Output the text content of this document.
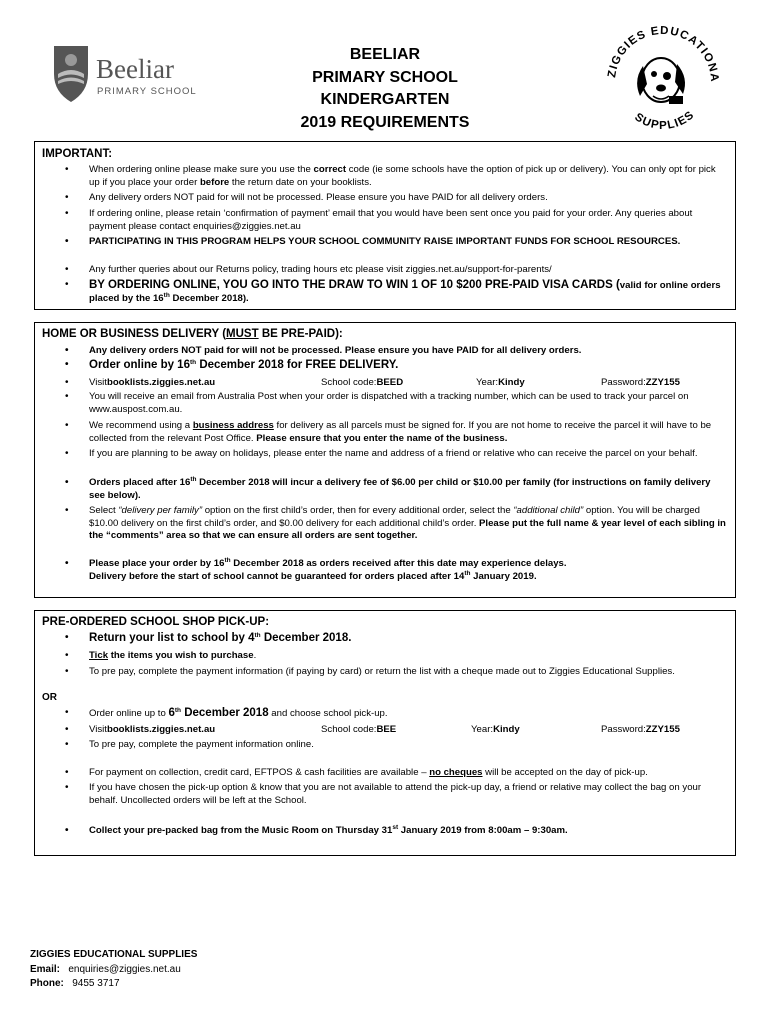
Beeliar
PRIMARY SCHOOL
ZIGGIES EDUCATIONA
SUPPLIES
BEELIAR
PRIMARY SCHOOL
KINDERGARTEN
2019 REQUIREMENTS
IMPORTANT:
• When ordering online please make sure you use the correct code (ie some schools have the option of pick up or delivery). You can only opt for pick up if you place your order before the return date on your booklists.
• Any delivery orders NOT paid for will not be processed. Please ensure you have PAID for all delivery orders.
• If ordering online, please retain ‘confirmation of payment’ email that you would have been sent once you paid for your order. Any queries about payment please contact enquiries@ziggies.net.au
• PARTICIPATING IN THIS PROGRAM HELPS YOUR SCHOOL COMMUNITY RAISE IMPORTANT FUNDS FOR SCHOOL RESOURCES.
• Any further queries about our Returns policy, trading hours etc please visit ziggies.net.au/support-for-parents/
• BY ORDERING ONLINE, YOU GO INTO THE DRAW TO WIN 1 OF 10 $200 PRE-PAID VISA CARDS (valid for online orders placed by the 16th December 2018).
HOME OR BUSINESS DELIVERY (MUST BE PRE-PAID):
• Any delivery orders NOT paid for will not be processed. Please ensure you have PAID for all delivery orders.
• Order online by 16th December 2018 for FREE DELIVERY.
• Visitbooklists.ziggies.net.au	School code:BEED	Year:Kindy	Password:ZZY155
• You will receive an email from Australia Post when your order is dispatched with a tracking number, which can be used to track your parcel on www.auspost.com.au.
• We recommend using a business address for delivery as all parcels must be signed for. If you are not home to receive the parcel it will have to be collected from the relevant Post Office. Please ensure that you enter the name of the business.
• If you are planning to be away on holidays, please enter the name and address of a friend or relative who can receive the parcel on your behalf.
• Orders placed after 16th December 2018 will incur a delivery fee of $6.00 per child or $10.00 per family (for instructions on family delivery see below).
• Select “delivery per family” option on the first child’s order, then for every additional order, select the “additional child” option. You will be charged $10.00 delivery on the first child’s order, and $0.00 delivery for each additional child’s order. Please put the full name & year level of each sibling in the “comments” area so that we can ensure all orders are sent together.
• Please place your order by 16th December 2018 as orders received after this date may experience delays.
Delivery before the start of school cannot be guaranteed for orders placed after 14th January 2019.
PRE-ORDERED SCHOOL SHOP PICK-UP:
• Return your list to school by 4th December 2018.
• Tick the items you wish to purchase.
• To pre pay, complete the payment information (if paying by card) or return the list with a cheque made out to Ziggies Educational Supplies.
OR
• Order online up to 6th December 2018 and choose school pick-up.
• Visitbooklists.ziggies.net.au	School code:BEE	Year:Kindy	Password:ZZY155
• To pre pay, complete the payment information online.
• For payment on collection, credit card, EFTPOS & cash facilities are available – no cheques will be accepted on the day of pick-up.
• If you have chosen the pick-up option & know that you are not available to attend the pick-up day, a friend or relative may collect the bag on your behalf. Uncollected orders will be left at the School.
• Collect your pre-packed bag from the Music Room on Thursday 31st January 2019 from 8:00am – 9:30am.
ZIGGIES EDUCATIONAL SUPPLIES
Email: enquiries@ziggies.net.au
Phone: 9455 3717
